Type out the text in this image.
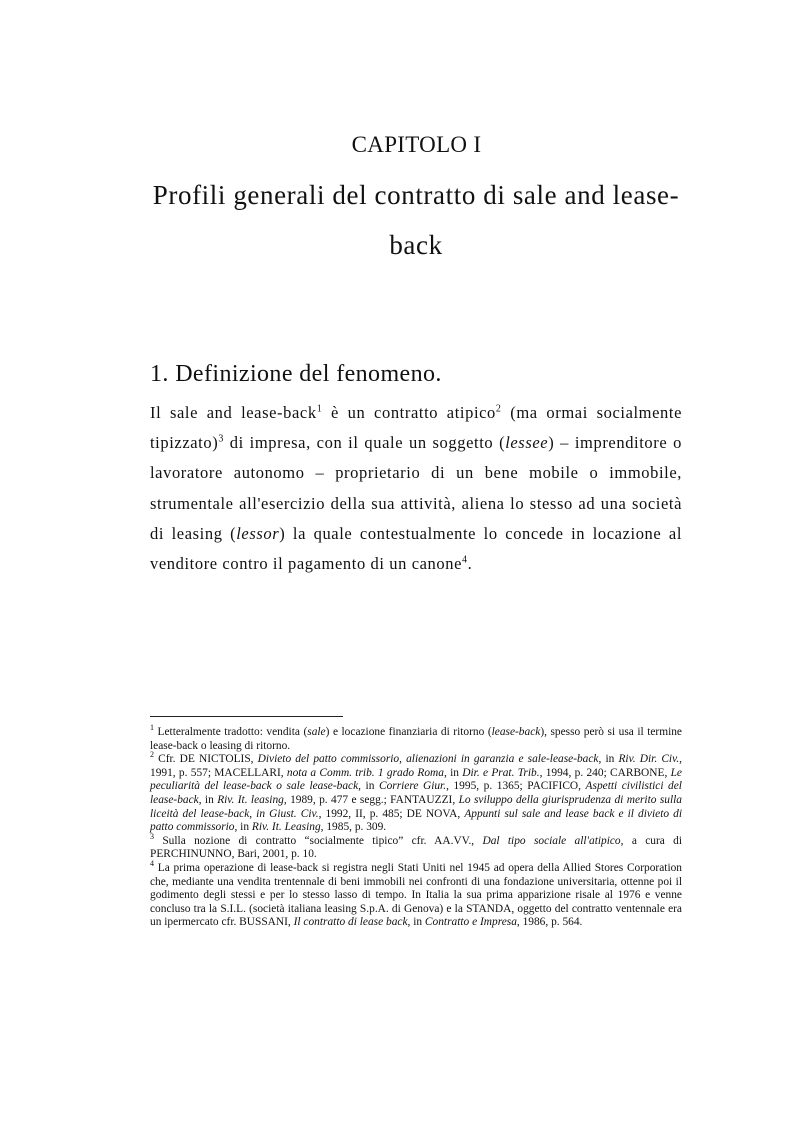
CAPITOLO I
Profili generali del contratto di sale and lease-back
1. Definizione del fenomeno.

Il sale and lease-back$^1$ è un contratto atipico$^2$ (ma ormai socialmente tipizzato)$^3$ di impresa, con il quale un soggetto (lessee) – imprenditore o lavoratore autonomo – proprietario di un bene mobile o immobile, strumentale all'esercizio della sua attività, aliena lo stesso ad una società di leasing (lessor) la quale contestualmente lo concede in locazione al venditore contro il pagamento di un canone$^4$.

$^1$ Letteralmente tradotto: vendita (sale) e locazione finanziaria di ritorno (lease-back), spesso però si usa il termine lease-back o leasing di ritorno.

$^2$ Cfr. DE NICTOLIS, Divieto del patto commissorio, alienazioni in garanzia e sale-lease-back, in Riv. Dir. Civ., 1991, p. 557; MACELLARI, nota a Comm. trib. 1 grado Roma, in Dir. e Prat. Trib., 1994, p. 240; CARBONE, Le peculiarità del lease-back o sale lease-back, in Corriere Giur., 1995, p. 1365; PACIFICO, Aspetti civilistici del lease-back, in Riv. It. leasing, 1989, p. 477 e segg.; FANTAUZZI, Lo sviluppo della giurisprudenza di merito sulla liceità del lease-back, in Giust. Civ., 1992, II, p. 485; DE NOVA, Appunti sul sale and lease back e il divieto di patto commissorio, in Riv. It. Leasing, 1985, p. 309.

$^3$ Sulla nozione di contratto “socialmente tipico” cfr. AA.VV., Dal tipo sociale all'atipico, a cura di PERCHINUNNO, Bari, 2001, p. 10.

$^4$ La prima operazione di lease-back si registra negli Stati Uniti nel 1945 ad opera della Allied Stores Corporation che, mediante una vendita trentennale di beni immobili nei confronti di una fondazione universitaria, ottenne poi il godimento degli stessi e per lo stesso lasso di tempo. In Italia la sua prima apparizione risale al 1976 e venne concluso tra la S.I.L. (società italiana leasing S.p.A. di Genova) e la STANDA, oggetto del contratto ventennale era un ipermercato cfr. BUSSANI, Il contratto di lease back, in Contratto e Impresa, 1986, p. 564.
